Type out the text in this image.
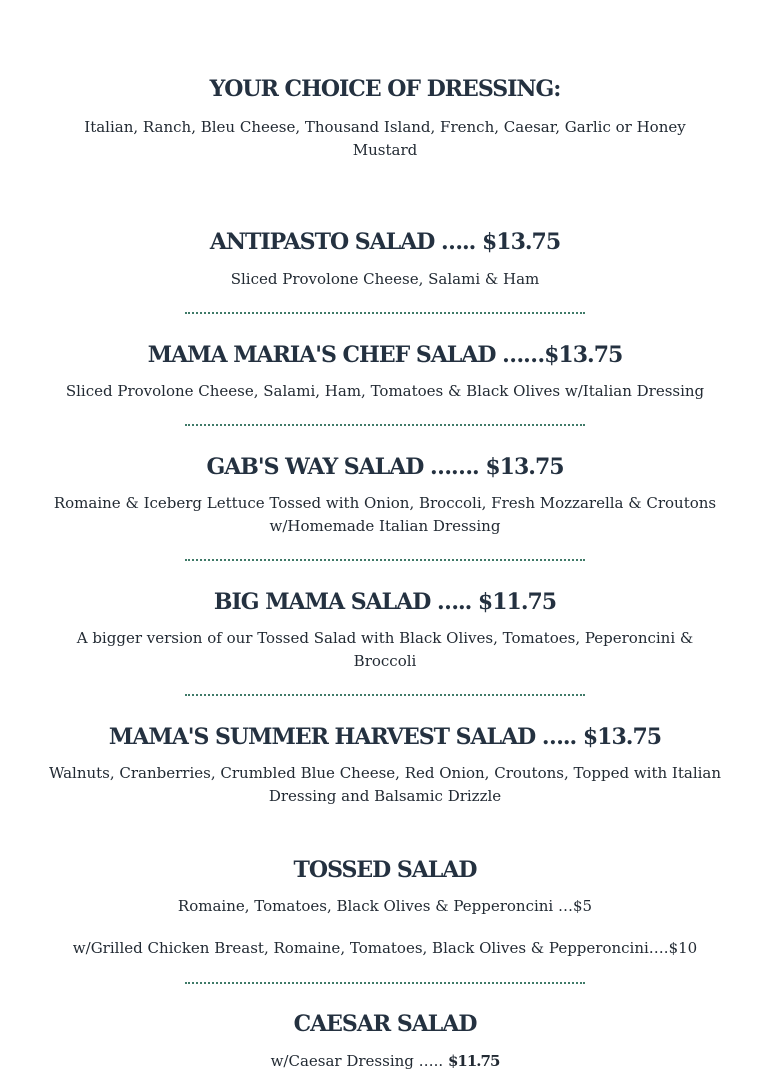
YOUR CHOICE OF DRESSING:

Italian, Ranch, Bleu Cheese, Thousand Island, French, Caesar, Garlic or Honey Mustard

ANTIPASTO SALAD ….. $13.75

Sliced Provolone Cheese, Salami & Ham

MAMA MARIA'S CHEF SALAD ……$13.75

Sliced Provolone Cheese, Salami, Ham, Tomatoes & Black Olives w/Italian Dressing

GAB'S WAY SALAD ……. $13.75

Romaine & Iceberg Lettuce Tossed with Onion, Broccoli, Fresh Mozzarella & Croutons w/Homemade Italian Dressing

BIG MAMA SALAD ….. $11.75

A bigger version of our Tossed Salad with Black Olives, Tomatoes, Peperoncini & Broccoli

MAMA'S SUMMER HARVEST SALAD ….. $13.75

Walnuts, Cranberries, Crumbled Blue Cheese, Red Onion, Croutons, Topped with Italian Dressing and Balsamic Drizzle

TOSSED SALAD

Romaine, Tomatoes, Black Olives & Pepperoncini …$5

w/Grilled Chicken Breast, Romaine, Tomatoes, Black Olives & Pepperoncini….$10

CAESAR SALAD

w/Caesar Dressing ….. $11.75
